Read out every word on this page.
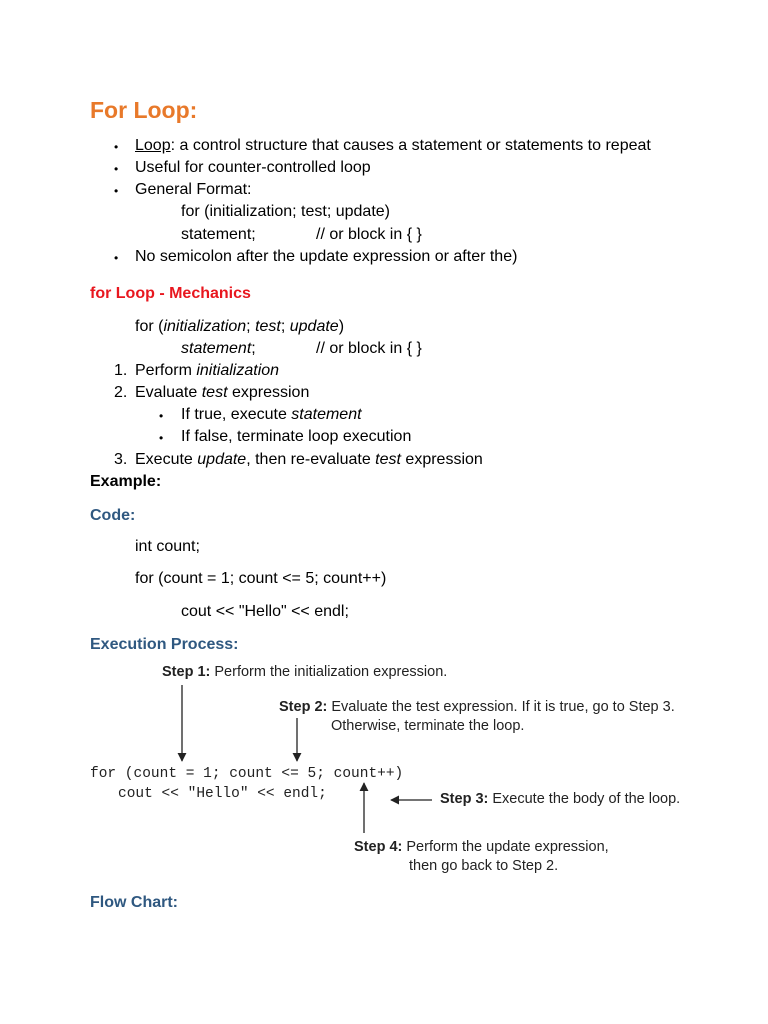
For Loop:
• Loop: a control structure that causes a statement or statements to repeat
• Useful for counter-controlled loop
• General Format:
for (initialization; test; update)
statement;	// or block in { }
• No semicolon after the update expression or after the)
for Loop - Mechanics
for (initialization; test; update)
statement;	// or block in { }
1. Perform initialization
2. Evaluate test expression
• If true, execute statement
• If false, terminate loop execution
3. Execute update, then re-evaluate test expression
Example:
Code:
int count;
for (count = 1; count <= 5; count++)
cout << "Hello" << endl;
Execution Process:
Step 1: Perform the initialization expression.
Step 2: Evaluate the test expression. If it is true, go to Step 3.
Otherwise, terminate the loop.
for (count = 1; count <= 5; count++)
cout << "Hello" << endl;	Step 3: Execute the body of the loop.
Step 4: Perform the update expression,
then go back to Step 2.
Flow Chart:
